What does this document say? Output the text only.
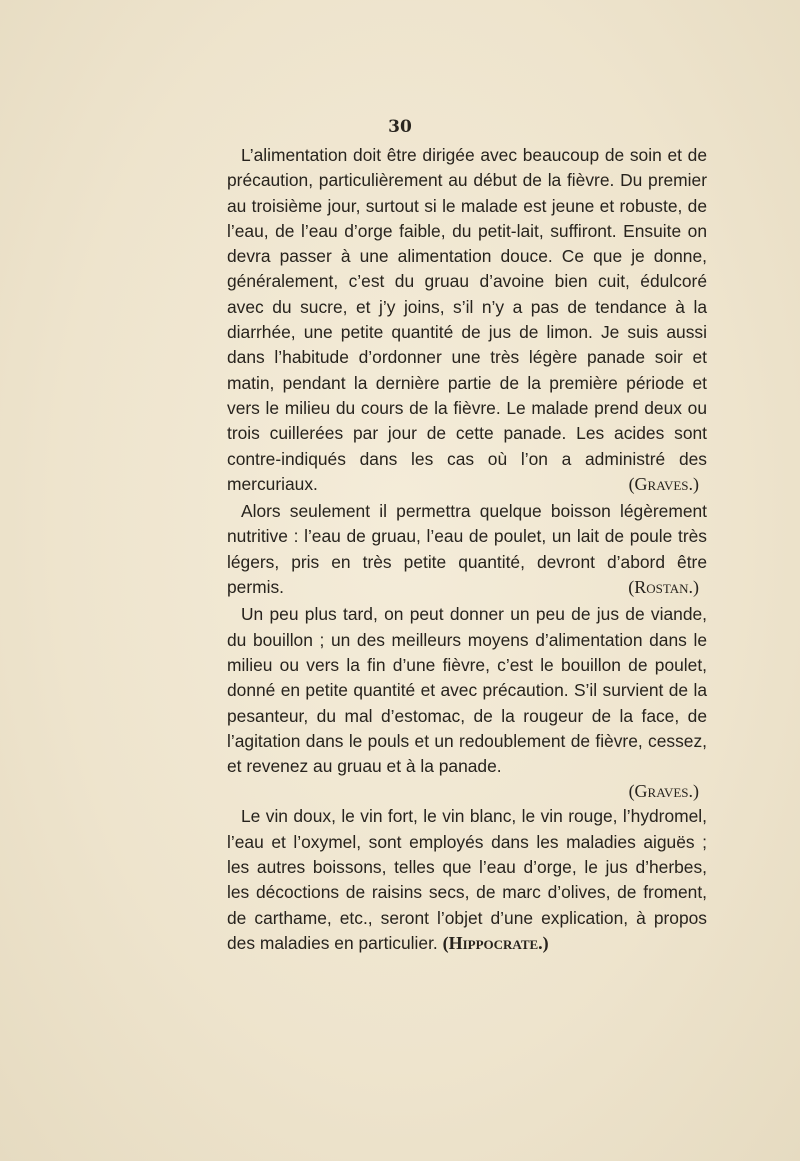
30

L’alimentation doit être dirigée avec beaucoup de soin et de précaution, particulièrement au début de la fièvre. Du premier au troisième jour, surtout si le malade est jeune et robuste, de l’eau, de l’eau d’orge faible, du petit-lait, suffiront. Ensuite on devra passer à une alimentation douce. Ce que je donne, généralement, c’est du gruau d’avoine bien cuit, édulcoré avec du sucre, et j’y joins, s’il n’y a pas de tendance à la diarrhée, une petite quantité de jus de limon. Je suis aussi dans l’habitude d’ordonner une très légère panade soir et matin, pendant la dernière partie de la première période et vers le milieu du cours de la fièvre. Le malade prend deux ou trois cuillerées par jour de cette panade. Les acides sont contre-indiqués dans les cas où l’on a administré des mercuriaux.	(Graves.)

Alors seulement il permettra quelque boisson légèrement nutritive : l’eau de gruau, l’eau de poulet, un lait de poule très légers, pris en très petite quantité, devront d’abord être permis.	(Rostan.)

Un peu plus tard, on peut donner un peu de jus de viande, du bouillon ; un des meilleurs moyens d’alimentation dans le milieu ou vers la fin d’une fièvre, c’est le bouillon de poulet, donné en petite quantité et avec précaution. S’il survient de la pesanteur, du mal d’estomac, de la rougeur de la face, de l’agitation dans le pouls et un redoublement de fièvre, cessez, et revenez au gruau et à la panade.

(Graves.)

Le vin doux, le vin fort, le vin blanc, le vin rouge, l’hydromel, l’eau et l’oxymel, sont employés dans les maladies aiguës ; les autres boissons, telles que l’eau d’orge, le jus d’herbes, les décoctions de raisins secs, de marc d’olives, de froment, de carthame, etc., seront l’objet d’une explication, à propos des maladies en particulier. (Hippocrate.)
